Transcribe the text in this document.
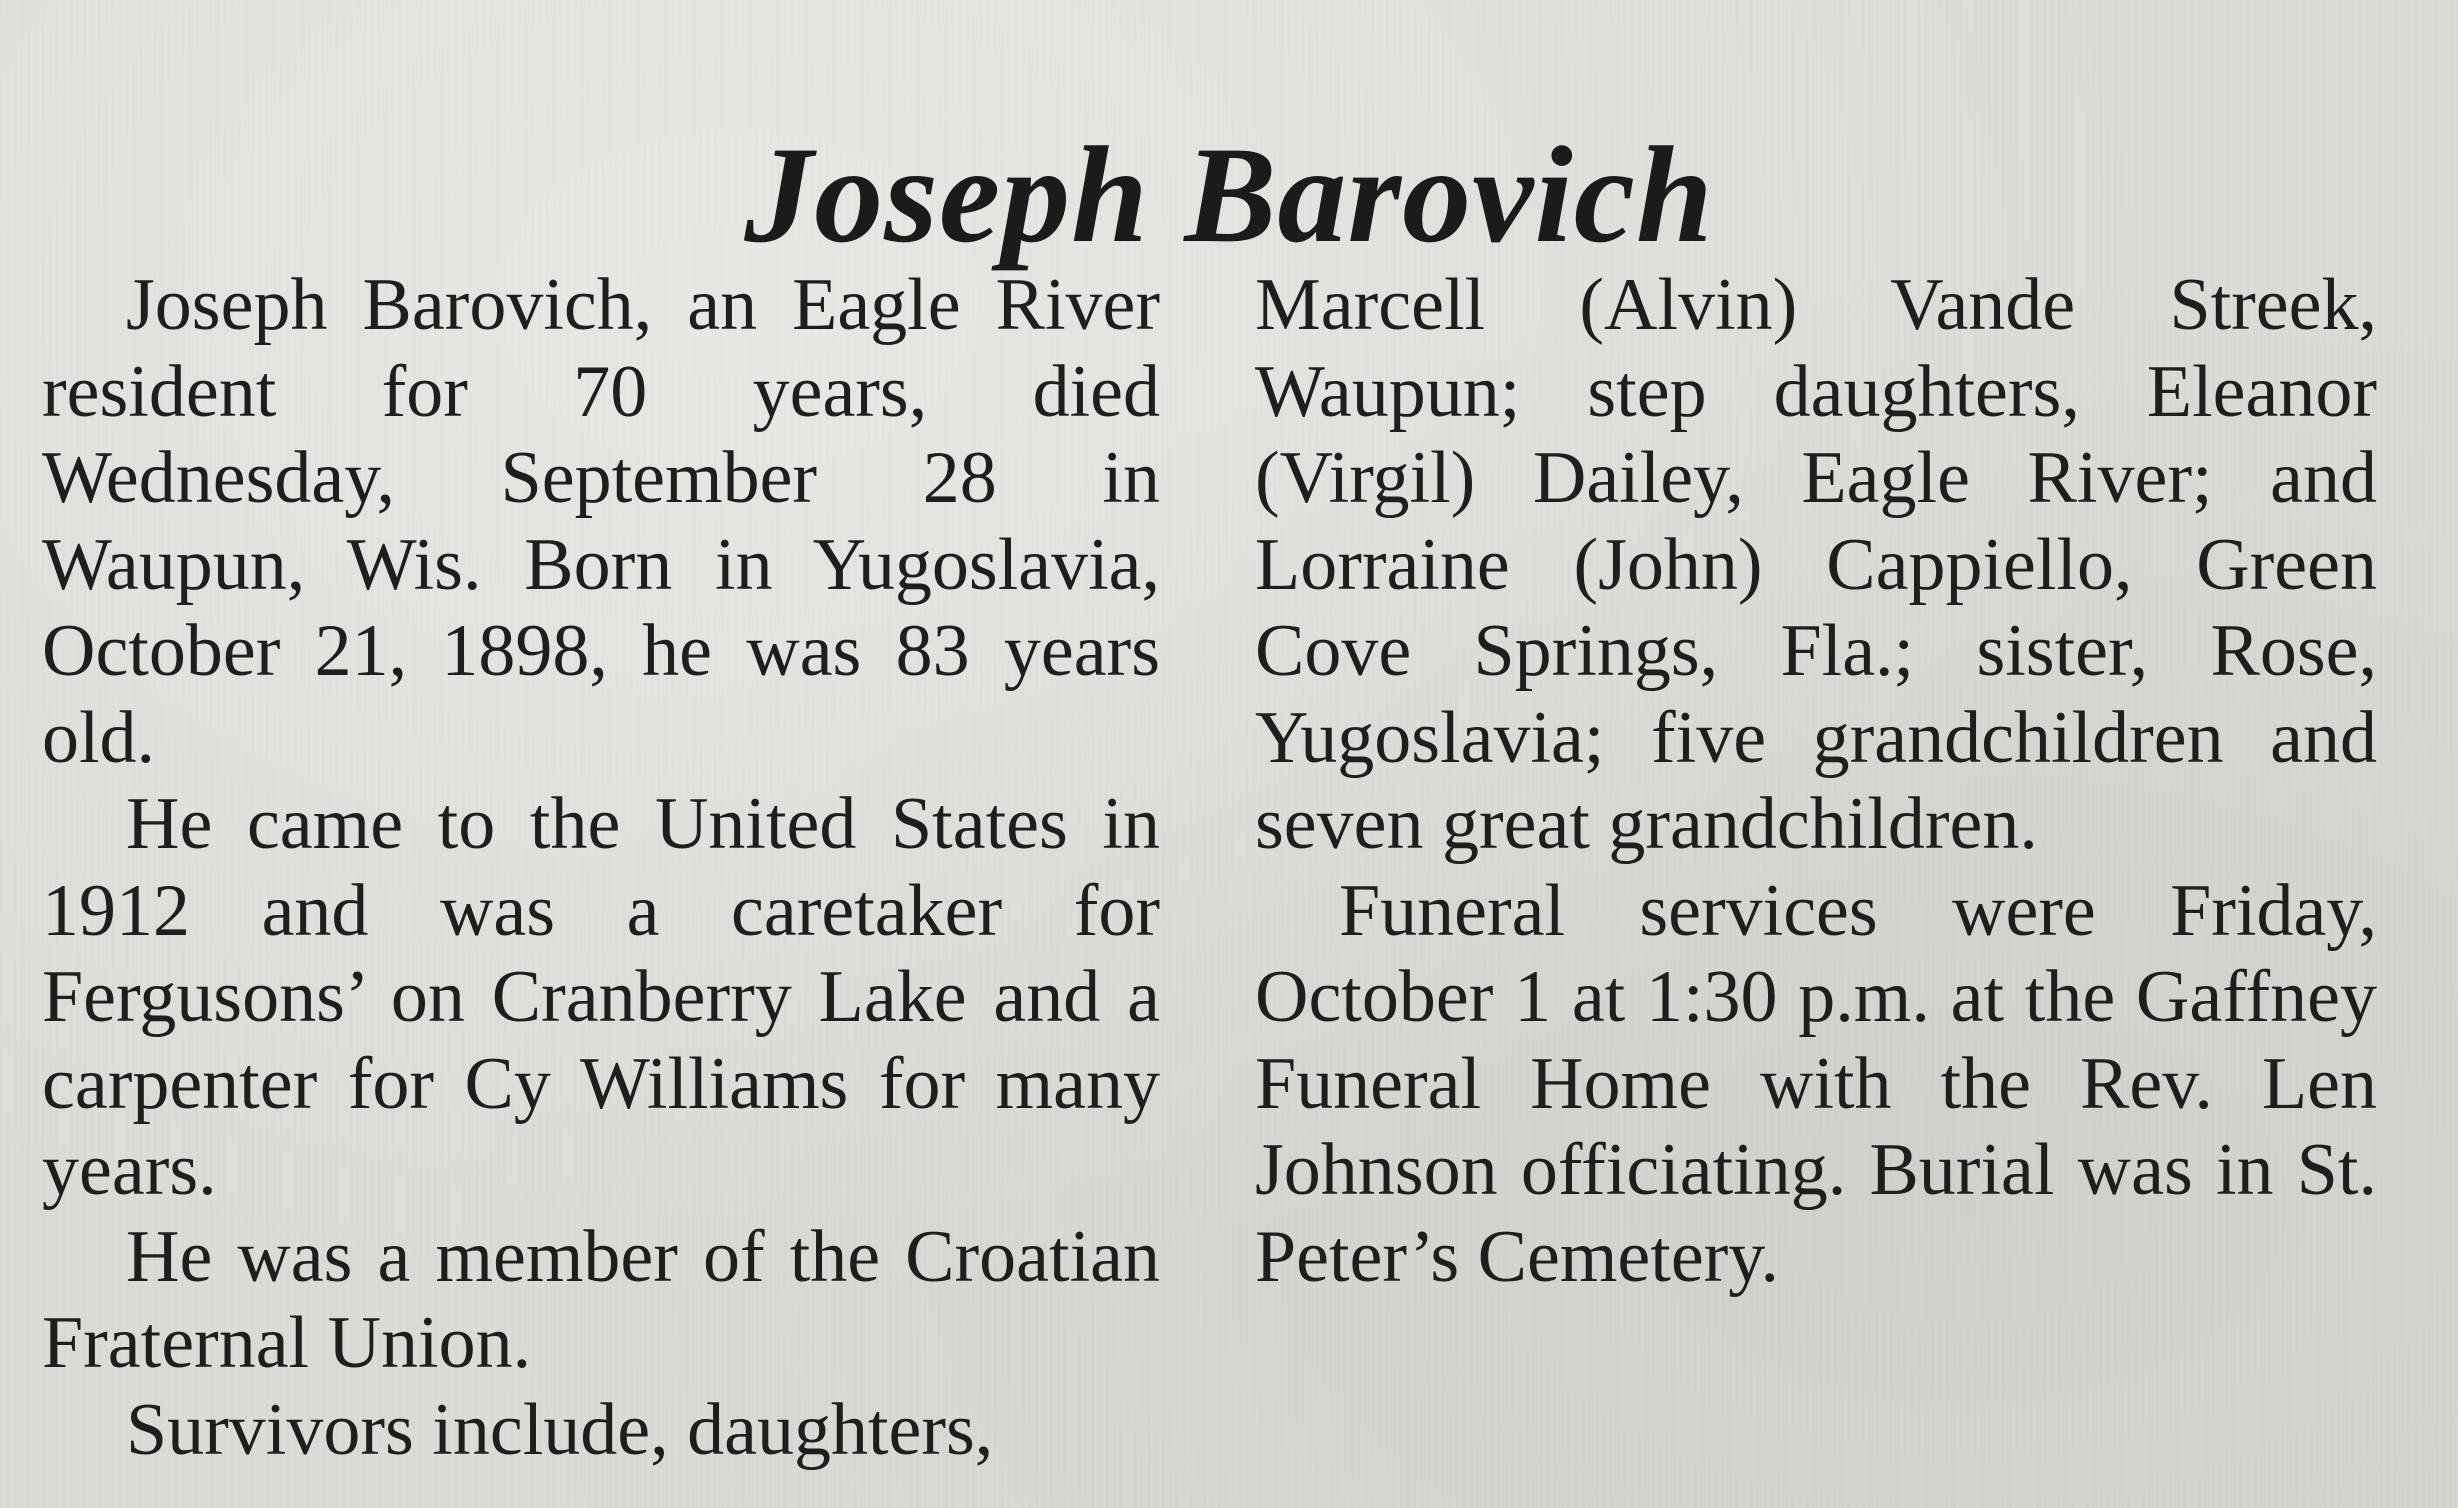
Joseph Barovich

Joseph Barovich, an Eagle River resident for 70 years, died Wednesday, September 28 in Waupun, Wis. Born in Yugoslavia, October 21, 1898, he was 83 years old.

He came to the United States in 1912 and was a caretaker for Fergusons’ on Cranberry Lake and a carpenter for Cy Williams for many years.

He was a member of the Croatian Fraternal Union.

Survivors include, daughters,

Marcell (Alvin) Vande Streek, Waupun; step daughters, Eleanor (Virgil) Dailey, Eagle River; and Lorraine (John) Cappiello, Green Cove Springs, Fla.; sister, Rose, Yugoslavia; five grandchildren and seven great grandchildren.

Funeral services were Friday, October 1 at 1:30 p.m. at the Gaffney Funeral Home with the Rev. Len Johnson officiating. Burial was in St. Peter’s Cemetery.
